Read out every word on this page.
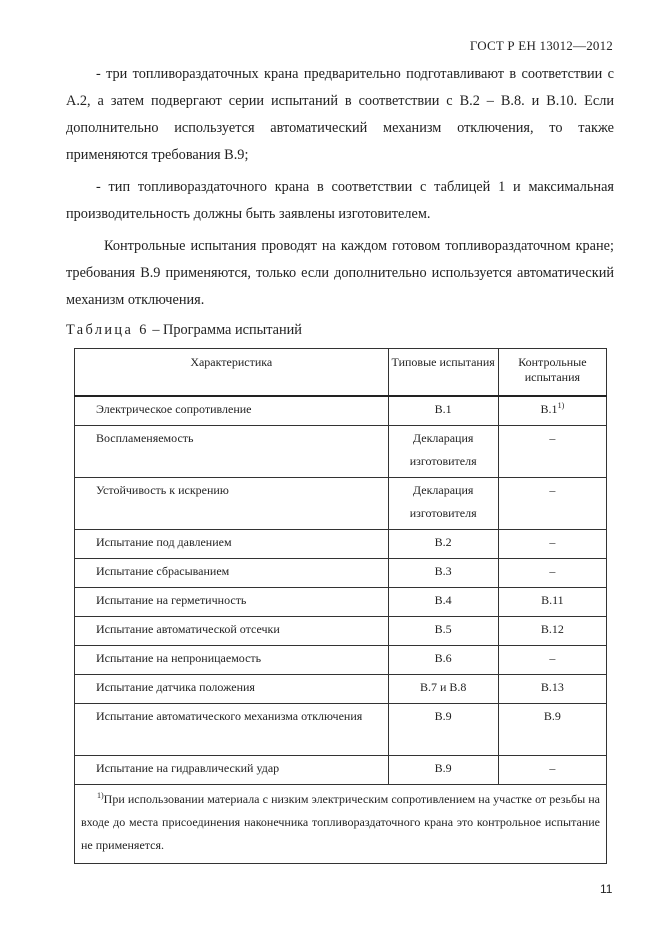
ГОСТ Р ЕН 13012—2012

- три топливораздаточных крана предварительно подготавливают в соответствии с А.2, а затем подвергают серии испытаний в соответствии с В.2 – В.8. и В.10. Если дополнительно используется автоматический механизм отключения, то также применяются требования В.9;

- тип топливораздаточного крана в соответствии с таблицей 1 и максимальная производительность должны быть заявлены изготовителем.

Контрольные испытания проводят на каждом готовом топливораздаточном кране; требования В.9 применяются, только если дополнительно используется автоматический механизм отключения.

Таблица 6 – Программа испытаний
Характеристика	Типовые испытания	Контрольные испытания
Электрическое сопротивление	В.1	В.1$^{1)}$
Воспламеняемость	Декларация изготовителя	–
Устойчивость к искрению	Декларация изготовителя	–
Испытание под давлением	В.2	–
Испытание сбрасыванием	В.3	–
Испытание на герметичность	В.4	В.11
Испытание автоматической отсечки	В.5	В.12
Испытание на непроницаемость	В.6	–
Испытание датчика положения	В.7 и В.8	В.13
Испытание автоматического механизма отключения	В.9	В.9
Испытание на гидравлический удар	В.9	–
$^{1)}$При использовании материала с низким электрическим сопротивлением на участке от резьбы на входе до места присоединения наконечника топливораздаточного крана это контрольное испытание не применяется.		
11
